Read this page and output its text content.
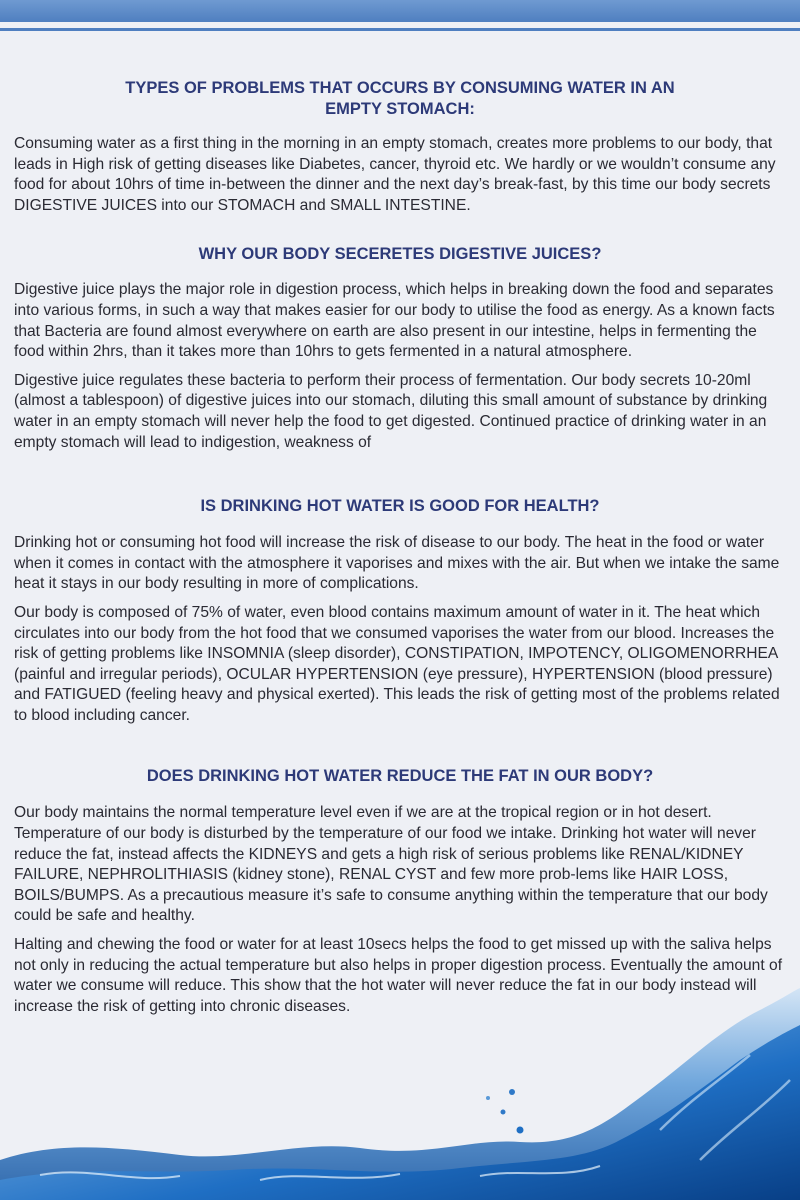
TYPES OF PROBLEMS THAT OCCURS BY CONSUMING WATER IN AN EMPTY STOMACH:

Consuming water as a first thing in the morning in an empty stomach, creates more problems to our body, that leads in High risk of getting diseases like Diabetes, cancer, thyroid etc. We hardly or we wouldn’t consume any food for about 10hrs of time in-between the dinner and the next day’s break-fast, by this time our body secrets DIGESTIVE JUICES into our STOMACH and SMALL INTESTINE.

WHY OUR BODY SECERETES DIGESTIVE JUICES?

Digestive juice plays the major role in digestion process, which helps in breaking down the food and separates into various forms, in such a way that makes easier for our body to utilise the food as energy. As a known facts that Bacteria are found almost everywhere on earth are also present in our intestine, helps in fermenting the food within 2hrs, than it takes more than 10hrs to gets fermented in a natural atmosphere.

Digestive juice regulates these bacteria to perform their process of fermentation. Our body secrets 10-20ml (almost a tablespoon) of digestive juices into our stomach, diluting this small amount of substance by drinking water in an empty stomach will never help the food to get digested. Continued practice of drinking water in an empty stomach will lead to indigestion, weakness of

IS DRINKING HOT WATER IS GOOD FOR HEALTH?

Drinking hot or consuming hot food will increase the risk of disease to our body. The heat in the food or water when it comes in contact with the atmosphere it vaporises and mixes with the air. But when we intake the same heat it stays in our body resulting in more of complications.

Our body is composed of 75% of water, even blood contains maximum amount of water in it. The heat which circulates into our body from the hot food that we consumed vaporises the water from our blood. Increases the risk of getting problems like INSOMNIA (sleep disorder), CONSTIPATION, IMPOTENCY, OLIGOMENORRHEA (painful and irregular periods), OCULAR HYPERTENSION (eye pressure), HYPERTENSION (blood pressure) and FATIGUED (feeling heavy and physical exerted). This leads the risk of getting most of the problems related to blood including cancer.

DOES DRINKING HOT WATER REDUCE THE FAT IN OUR BODY?

Our body maintains the normal temperature level even if we are at the tropical region or in hot desert. Temperature of our body is disturbed by the temperature of our food we intake. Drinking hot water will never reduce the fat, instead affects the KIDNEYS and gets a high risk of serious problems like RENAL/KIDNEY FAILURE, NEPHROLITHIASIS (kidney stone), RENAL CYST and few more prob-lems like HAIR LOSS, BOILS/BUMPS. As a precautious measure it’s safe to consume anything within the temperature that our body could be safe and healthy.

Halting and chewing the food or water for at least 10secs helps the food to get missed up with the saliva helps not only in reducing the actual temperature but also helps in proper digestion process. Eventually the amount of water we consume will reduce. This show that the hot water will never reduce the fat in our body instead will increase the risk of getting into chronic diseases.
